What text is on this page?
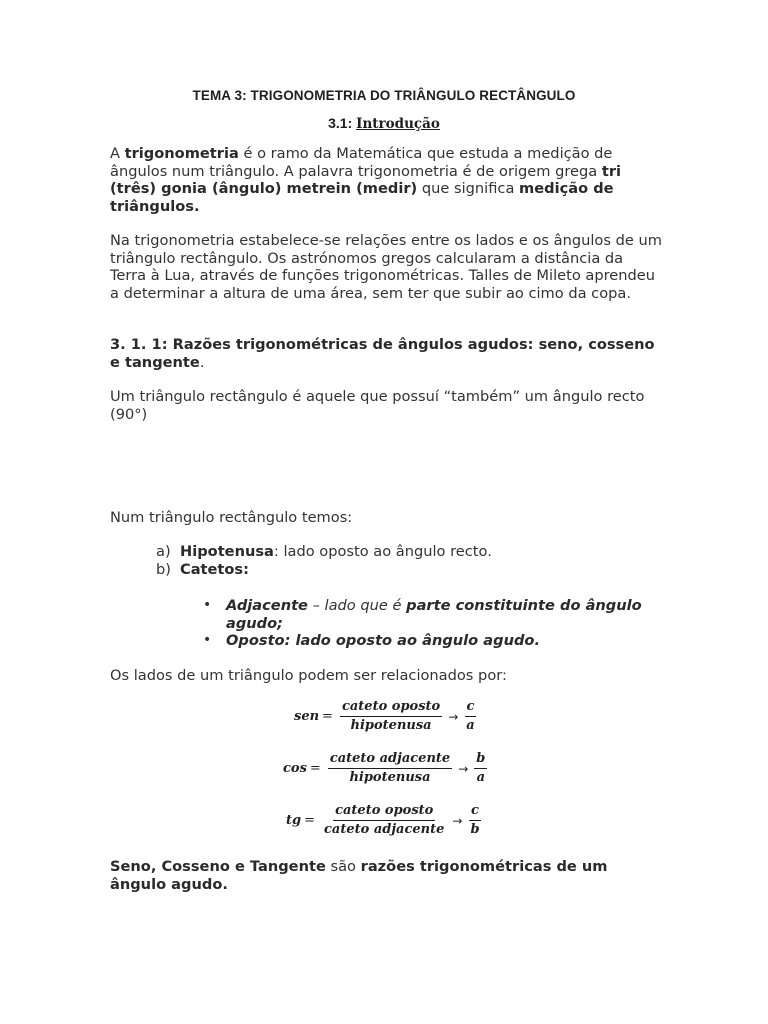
TEMA 3: TRIGONOMETRIA DO TRIÂNGULO RECTÂNGULO
3.1: Introdução

A trigonometria é o ramo da Matemática que estuda a medição de ângulos num triângulo. A palavra trigonometria é de origem grega tri (três) gonia (ângulo) metrein (medir) que significa medição de triângulos.

Na trigonometria estabelece-se relações entre os lados e os ângulos de um triângulo rectângulo. Os astrónomos gregos calcularam a distância da Terra à Lua, através de funções trigonométricas. Talles de Mileto aprendeu a determinar a altura de uma área, sem ter que subir ao cimo da copa.

3. 1. 1: Razões trigonométricas de ângulos agudos: seno, cosseno e tangente.

Um triângulo rectângulo é aquele que possuí “também” um ângulo recto (90°)

Num triângulo rectângulo temos:

a) Hipotenusa: lado oposto ao ângulo recto.
b) Catetos:
• Adjacente – lado que é parte constituinte do ângulo agudo;

• Oposto: lado oposto ao ângulo agudo.

Os lados de um triângulo podem ser relacionados por:

sen = $\frac{\text{cateto oposto}}{\text{hipotenusa}} \to \frac{c}{a}$
$\cos = \frac{\text{cateto adjacente}}{\text{hipotenusa}} \to \frac{b}{a}$
tg = $\frac{\text{cateto oposto}}{\text{cateto adjacente}} \to \frac{c}{b}$

Seno, Cosseno e Tangente são razões trigonométricas de um ângulo agudo.
